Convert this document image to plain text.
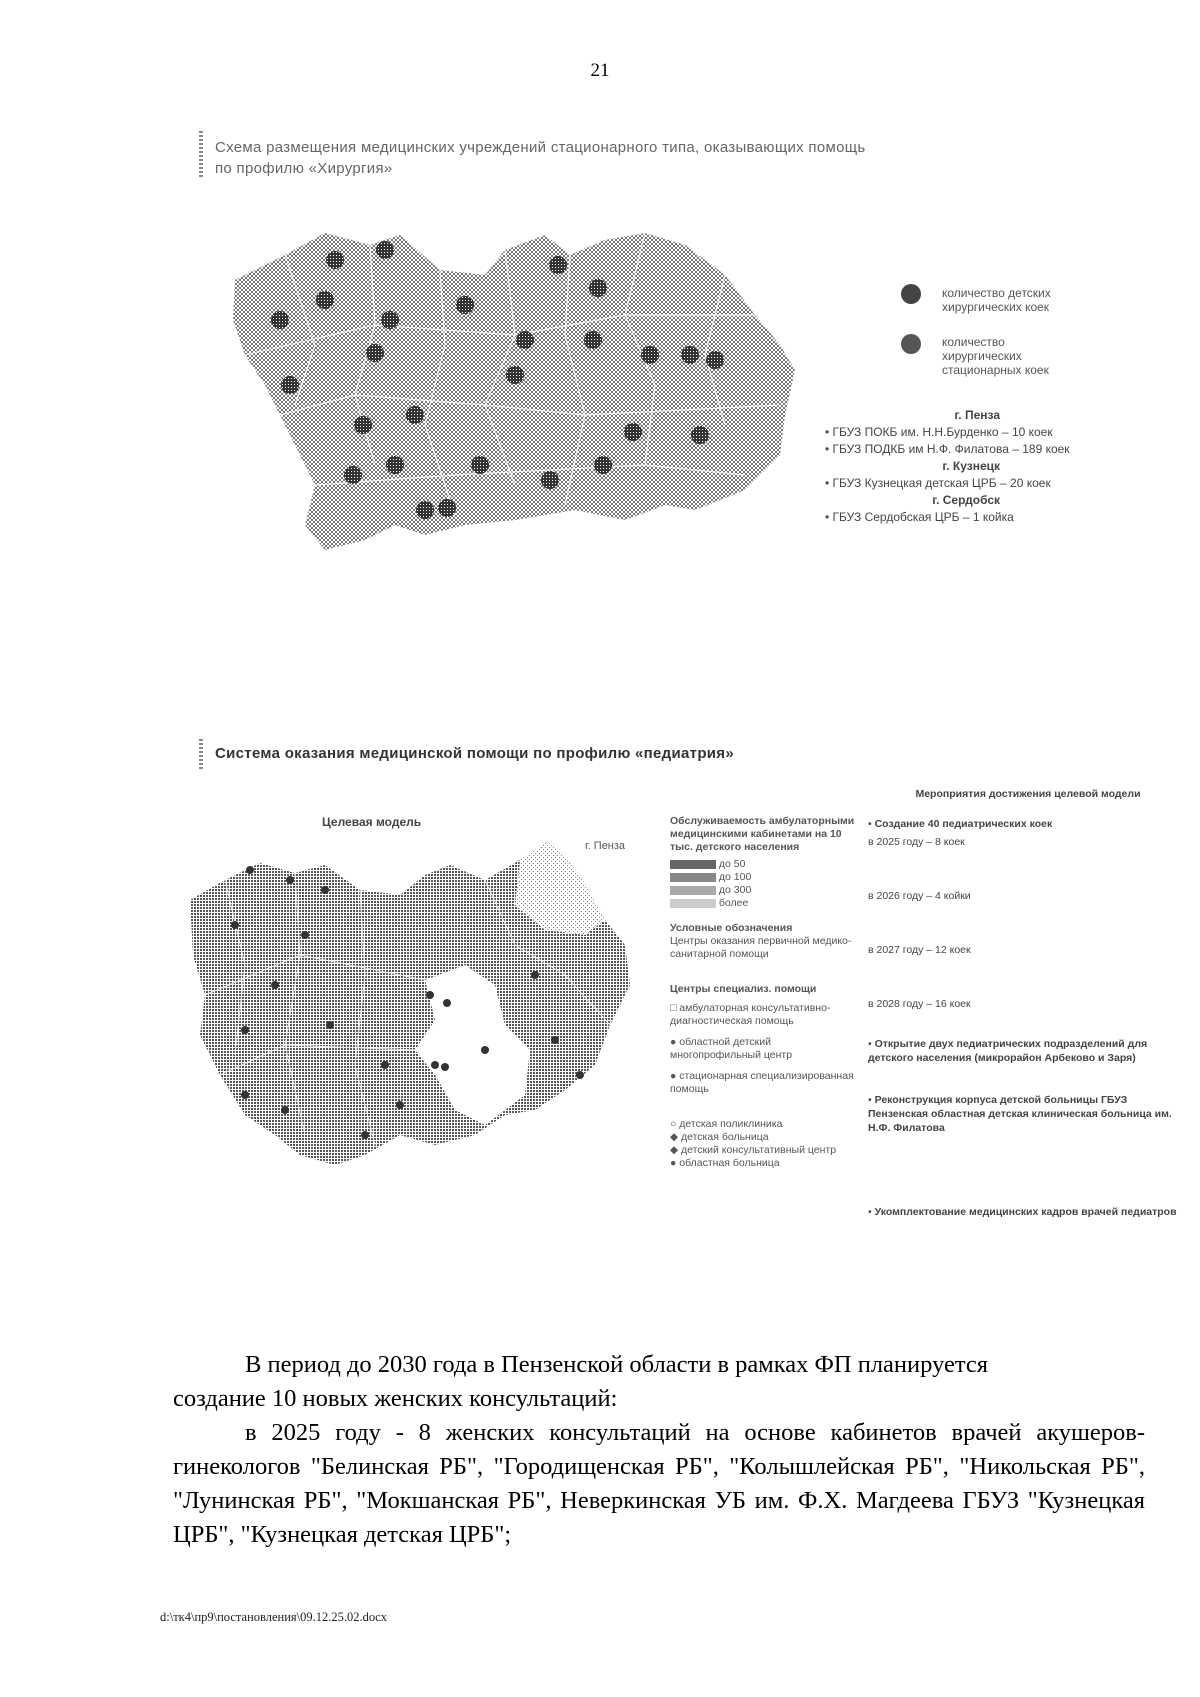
21
Схема размещения медицинских учреждений стационарного типа, оказывающих помощь
по профилю «Хирургия»
количество детских
хирургических коек
количество
хирургических
стационарных коек
г. Пенза
• ГБУЗ ПОКБ им. Н.Н.Бурденко – 10 коек
• ГБУЗ ПОДКБ им Н.Ф. Филатова – 189 коек
г. Кузнецк
• ГБУЗ Кузнецкая детская ЦРБ – 20 коек
г. Сердобск
• ГБУЗ Сердобская ЦРБ – 1 койка
Система оказания медицинской помощи по профилю «педиатрия»
Целевая модель
г. Пенза
Обслуживаемость амбулаторными медицинскими кабинетами на 10 тыс. детского населения
до 50
до 100
до 300
более
Условные обозначения
Центры оказания первичной медико-санитарной помощи
Центры специализ. помощи
□ амбулаторная консультативно-диагностическая помощь
● областной детский многопрофильный центр
● стационарная специализированная помощь
○ детская поликлиника
◆ детская больница
◆ детский консультативный центр
● областная больница
Мероприятия достижения целевой модели
• Создание 40 педиатрических коек
в 2025 году – 8 коек
в 2026 году – 4 койки
в 2027 году – 12 коек
в 2028 году – 16 коек
• Открытие двух педиатрических подразделений для детского населения (микрорайон Арбеково и Заря)
• Реконструкция корпуса детской больницы ГБУЗ Пензенская областная детская клиническая больница им. Н.Ф. Филатова
• Укомплектование медицинских кадров врачей педиатров

В период до 2030 года в Пензенской области в рамках ФП планируется

создание 10 новых женских консультаций:

в 2025 году - 8 женских консультаций на основе кабинетов врачей акушеров-гинекологов "Белинская РБ", "Городищенская РБ", "Колышлейская РБ", "Никольская РБ", "Лунинская РБ", "Мокшанская РБ", Неверкинская УБ им. Ф.Х. Магдеева ГБУЗ "Кузнецкая ЦРБ", "Кузнецкая детская ЦРБ";

d:\тк4\пр9\постановления\09.12.25.02.docx
